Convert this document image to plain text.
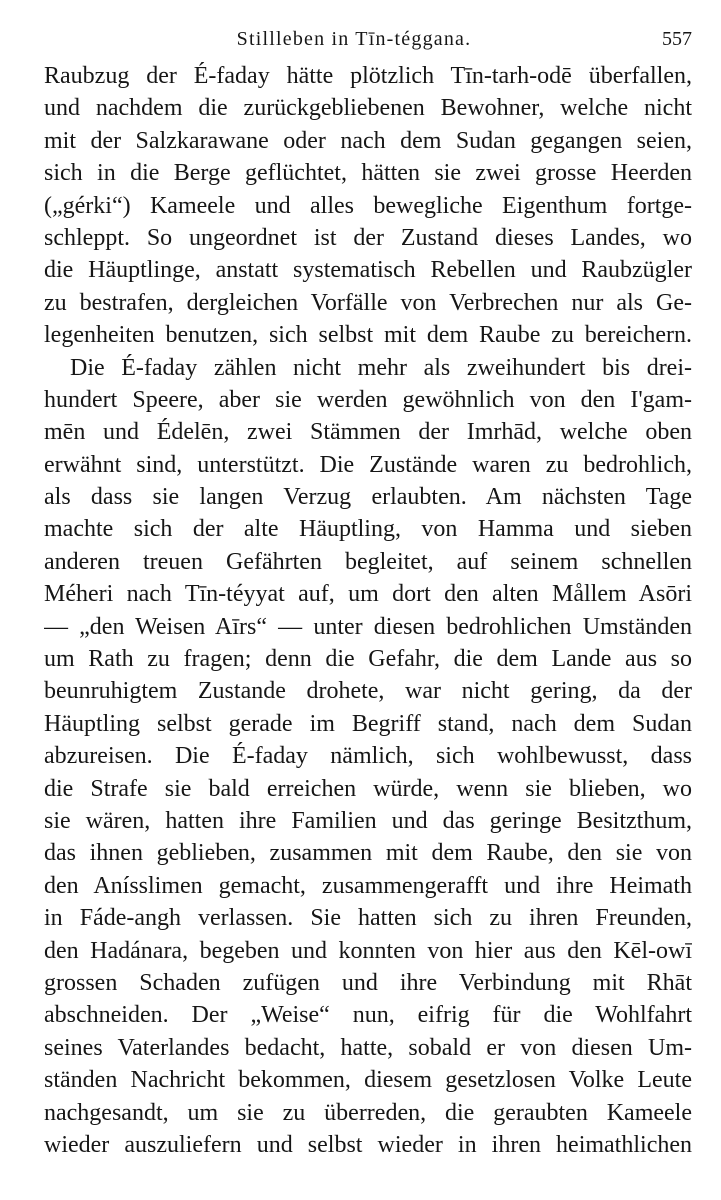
Stillleben in Tīn-téggana.	557
Raubzug der É-faday hätte plötzlich Tīn-tarh-odē überfallen,
und nachdem die zurückgebliebenen Bewohner, welche nicht
mit der Salzkarawane oder nach dem Sudan gegangen seien,
sich in die Berge geflüchtet, hätten sie zwei grosse Heerden
(„gérki“) Kameele und alles bewegliche Eigenthum fortge-
schleppt. So ungeordnet ist der Zustand dieses Landes, wo
die Häuptlinge, anstatt systematisch Rebellen und Raubzügler
zu bestrafen, dergleichen Vorfälle von Verbrechen nur als Ge-
legenheiten benutzen, sich selbst mit dem Raube zu bereichern.
Die É-faday zählen nicht mehr als zweihundert bis drei-
hundert Speere, aber sie werden gewöhnlich von den I'gam-
mēn und Édelēn, zwei Stämmen der Imrhād, welche oben
erwähnt sind, unterstützt. Die Zustände waren zu bedrohlich,
als dass sie langen Verzug erlaubten. Am nächsten Tage
machte sich der alte Häuptling, von Hamma und sieben
anderen treuen Gefährten begleitet, auf seinem schnellen
Méheri nach Tīn-téyyat auf, um dort den alten Mållem Asōri
— „den Weisen Aīrs“ — unter diesen bedrohlichen Umständen
um Rath zu fragen; denn die Gefahr, die dem Lande aus so
beunruhigtem Zustande drohete, war nicht gering, da der
Häuptling selbst gerade im Begriff stand, nach dem Sudan
abzureisen. Die É-faday nämlich, sich wohlbewusst, dass
die Strafe sie bald erreichen würde, wenn sie blieben, wo
sie wären, hatten ihre Familien und das geringe Besitzthum,
das ihnen geblieben, zusammen mit dem Raube, den sie von
den Anísslimen gemacht, zusammengerafft und ihre Heimath
in Fáde-angh verlassen. Sie hatten sich zu ihren Freunden,
den Hadánara, begeben und konnten von hier aus den Kēl-owī
grossen Schaden zufügen und ihre Verbindung mit Rhāt
abschneiden. Der „Weise“ nun, eifrig für die Wohlfahrt
seines Vaterlandes bedacht, hatte, sobald er von diesen Um-
ständen Nachricht bekommen, diesem gesetzlosen Volke Leute
nachgesandt, um sie zu überreden, die geraubten Kameele
wieder auszuliefern und selbst wieder in ihren heimathlichen
